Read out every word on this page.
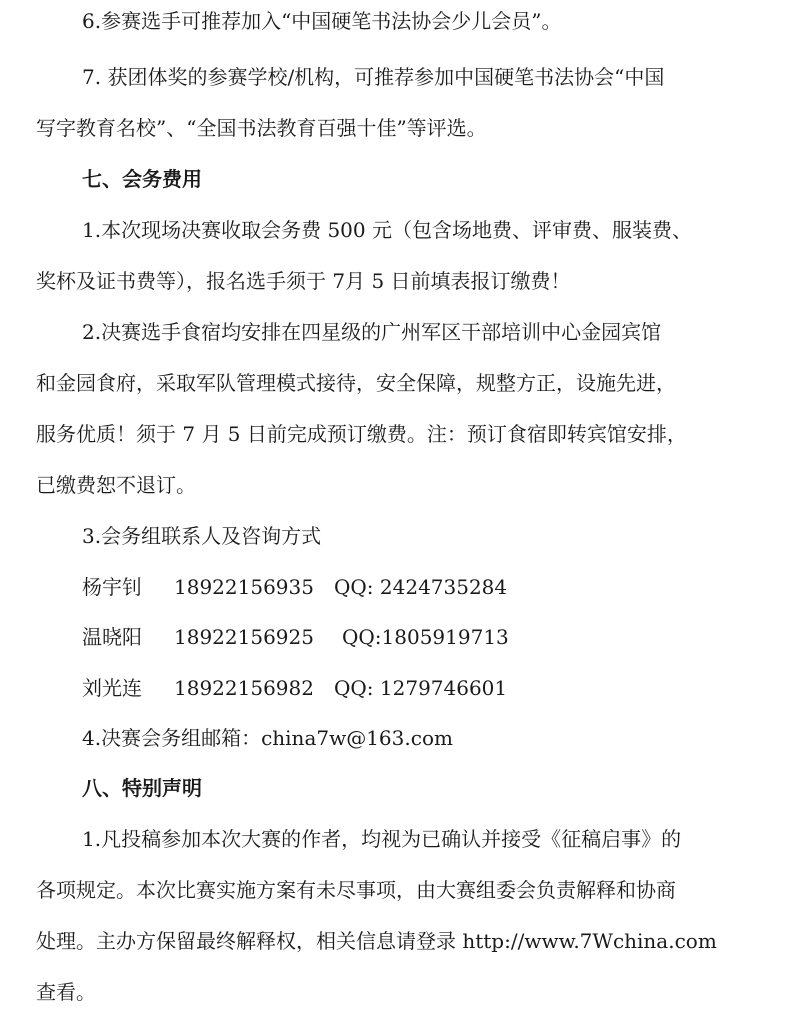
6.参赛选手可推荐加入“中国硬笔书法协会少儿会员”。
7. 获团体奖的参赛学校/机构，可推荐参加中国硬笔书法协会“中国
写字教育名校”、“全国书法教育百强十佳”等评选。
七、会务费用
1.本次现场决赛收取会务费 500 元（包含场地费、评审费、服装费、
奖杯及证书费等），报名选手须于 7月 5 日前填表报订缴费！
2.决赛选手食宿均安排在四星级的广州军区干部培训中心金园宾馆
和金园食府，采取军队管理模式接待，安全保障，规整方正，设施先进，
服务优质！须于 7 月 5 日前完成预订缴费。注：预订食宿即转宾馆安排，
已缴费恕不退订。
3.会务组联系人及咨询方式
杨宇钊 18922156935 QQ: 2424735284
温晓阳 18922156925 QQ:1805919713
刘光连 18922156982 QQ: 1279746601
4.决赛会务组邮箱：china7w@163.com
八、特别声明
1.凡投稿参加本次大赛的作者，均视为已确认并接受《征稿启事》的
各项规定。本次比赛实施方案有未尽事项，由大赛组委会负责解释和协商
处理。主办方保留最终解释权，相关信息请登录 http://www.7Wchina.com
查看。
